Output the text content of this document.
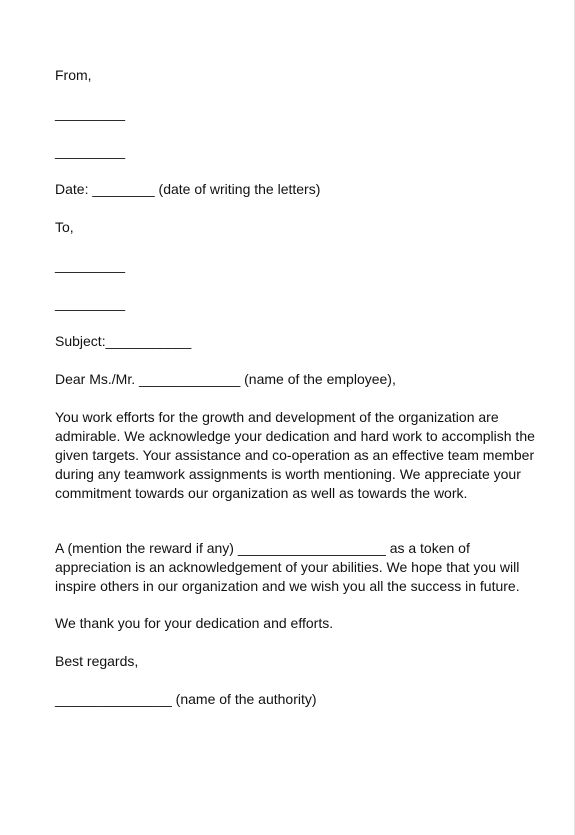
From,
_________
_________
Date: ________ (date of writing the letters)
To,
_________
_________
Subject:___________
Dear Ms./Mr. _____________ (name of the employee),
You work efforts for the growth and development of the organization are admirable. We acknowledge your dedication and hard work to accomplish the given targets. Your assistance and co-operation as an effective team member during any teamwork assignments is worth mentioning. We appreciate your commitment towards our organization as well as towards the work.
A (mention the reward if any) ___________________ as a token of appreciation is an acknowledgement of your abilities. We hope that you will inspire others in our organization and we wish you all the success in future.
We thank you for your dedication and efforts.
Best regards,
_______________ (name of the authority)
